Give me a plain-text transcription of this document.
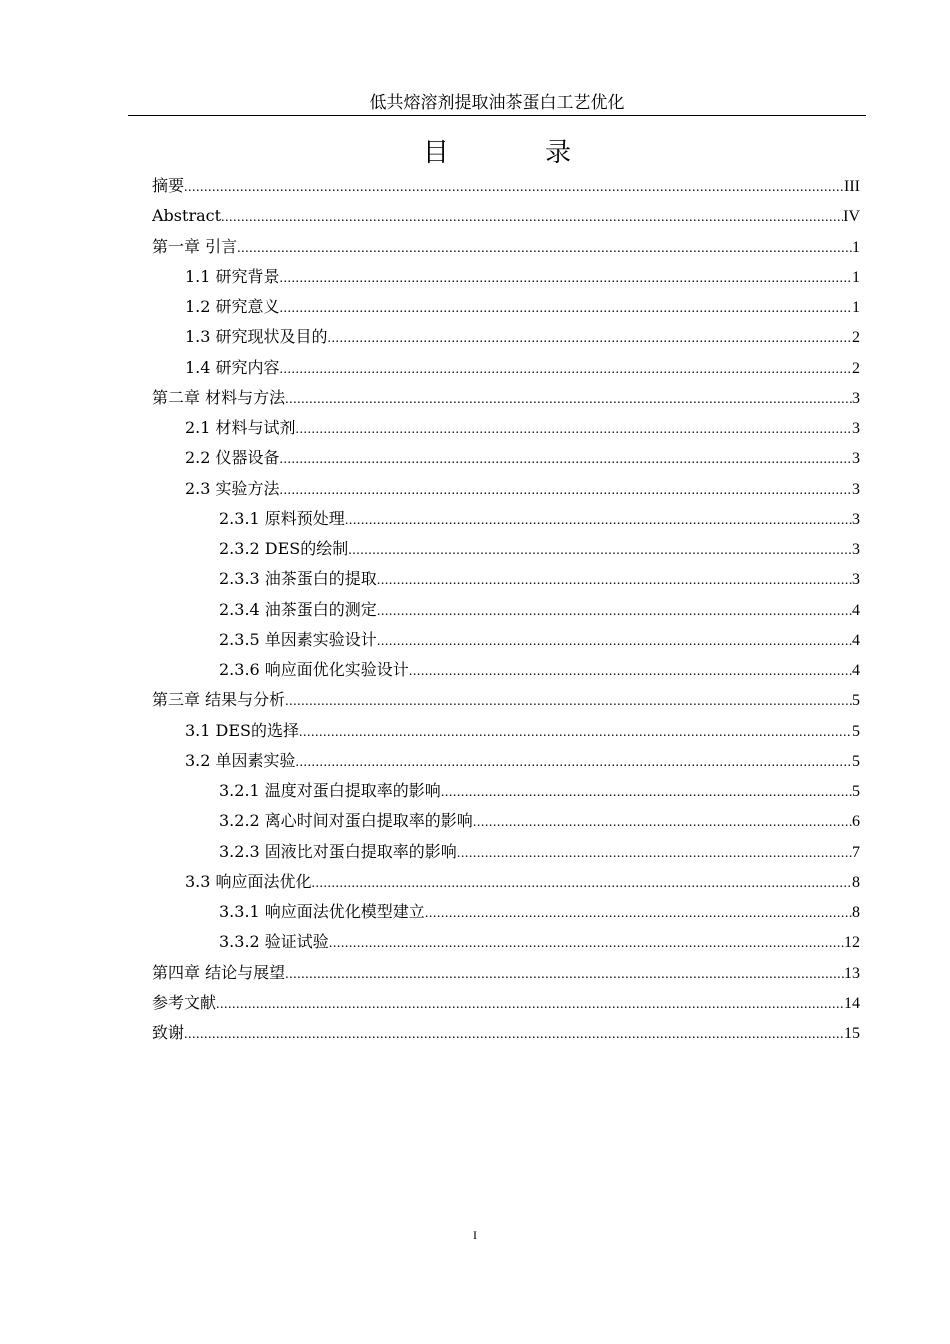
低共熔溶剂提取油茶蛋白工艺优化
目 录
摘要 .....	III
Abstract .....	IV
第一章 引言 .....	1
1.1 研究背景 .....	1
1.2 研究意义 .....	1
1.3 研究现状及目的 .....	2
1.4 研究内容 .....	2
第二章 材料与方法 .....	3
2.1 材料与试剂 .....	3
2.2 仪器设备 .....	3
2.3 实验方法 .....	3
2.3.1 原料预处理 .....	3
2.3.2 DES的绘制 .....	3
2.3.3 油茶蛋白的提取 .....	3
2.3.4 油茶蛋白的测定 .....	4
2.3.5 单因素实验设计 .....	4
2.3.6 响应面优化实验设计 .....	4
第三章 结果与分析 .....	5
3.1 DES的选择 .....	5
3.2 单因素实验 .....	5
3.2.1 温度对蛋白提取率的影响 .....	5
3.2.2 离心时间对蛋白提取率的影响 .....	6
3.2.3 固液比对蛋白提取率的影响 .....	7
3.3 响应面法优化 .....	8
3.3.1 响应面法优化模型建立 .....	8
3.3.2 验证试验 .....	12
第四章 结论与展望 .....	13
参考文献 .....	14
致谢 .....	15
I
